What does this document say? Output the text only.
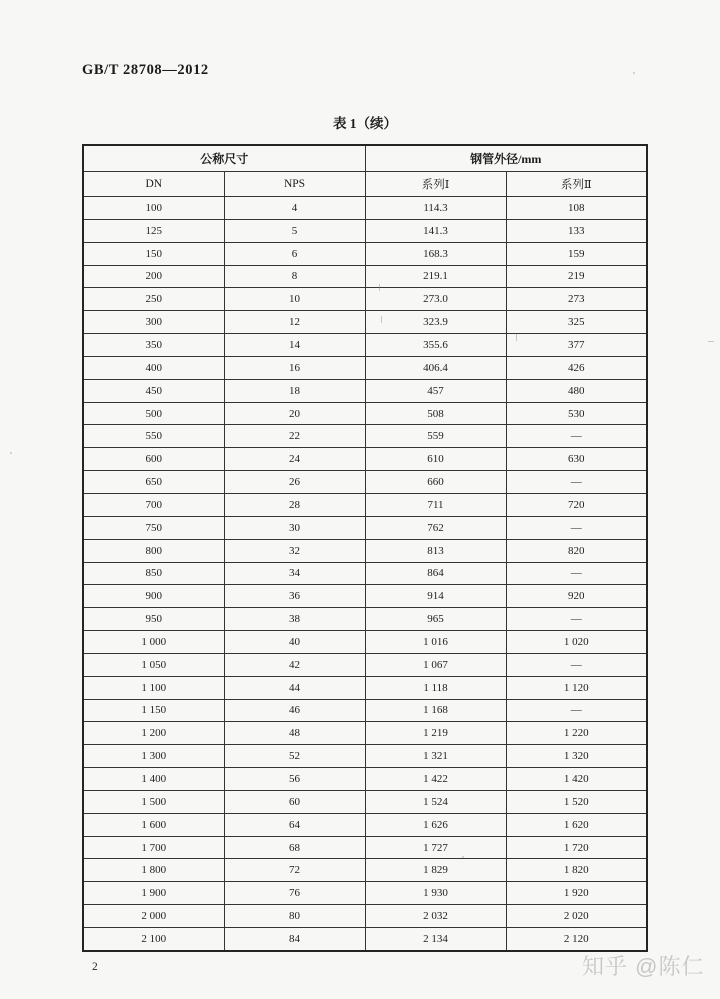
GB/T 28708—2012
表 1（续）
公称尺寸		钢管外径/mm	
DN	NPS	系列Ⅰ	系列Ⅱ
100	4	114.3	108
125	5	141.3	133
150	6	168.3	159
200	8	219.1	219
250	10	273.0	273
300	12	323.9	325
350	14	355.6	377
400	16	406.4	426
450	18	457	480
500	20	508	530
550	22	559	—
600	24	610	630
650	26	660	—
700	28	711	720
750	30	762	—
800	32	813	820
850	34	864	—
900	36	914	920
950	38	965	—
1 000	40	1 016	1 020
1 050	42	1 067	—
1 100	44	1 118	1 120
1 150	46	1 168	—
1 200	48	1 219	1 220
1 300	52	1 321	1 320
1 400	56	1 422	1 420
1 500	60	1 524	1 520
1 600	64	1 626	1 620
1 700	68	1 727	1 720
1 800	72	1 829	1 820
1 900	76	1 930	1 920
2 000	80	2 032	2 020
2 100	84	2 134	2 120
2	知乎 @陈仁
